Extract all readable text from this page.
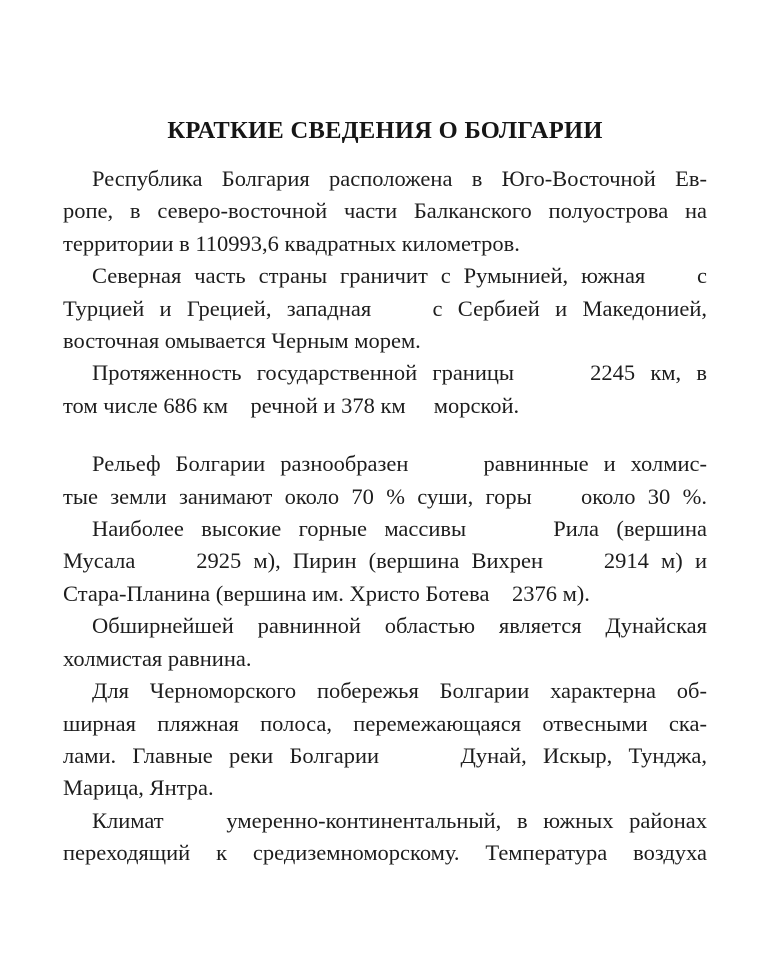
КРАТКИЕ СВЕДЕНИЯ О БОЛГАРИИ
Республика Болгария расположена в Юго-Восточной Ев-
ропе, в северо-восточной части Балканского полуострова на
территории в 110993,6 квадратных километров.
Северная часть страны граничит с Румынией, южная    с
Турцией и Грецией, западная    с Сербией и Македонией,
восточная омывается Черным морем.
Протяженность государственной границы     2245 км, в
том числе 686 км    речной и 378 км     морской.
Рельеф Болгарии разнообразен     равнинные и холмис-
тые земли занимают около 70 % суши, горы    около 30 %.
Наиболее высокие горные массивы     Рила (вершина
Мусала     2925 м), Пирин (вершина Вихрен     2914 м) и
Стара-Планина (вершина им. Христо Ботева    2376 м).
Обширнейшей равнинной областью является Дунайская
холмистая равнина.
Для Черноморского побережья Болгарии характерна об-
ширная пляжная полоса, перемежающаяся отвесными ска-
лами. Главные реки Болгарии     Дунай, Искыр, Тунджа,
Марица, Янтра.
Климат    умеренно-континентальный, в южных районах
переходящий к средиземноморскому. Температура воздуха
